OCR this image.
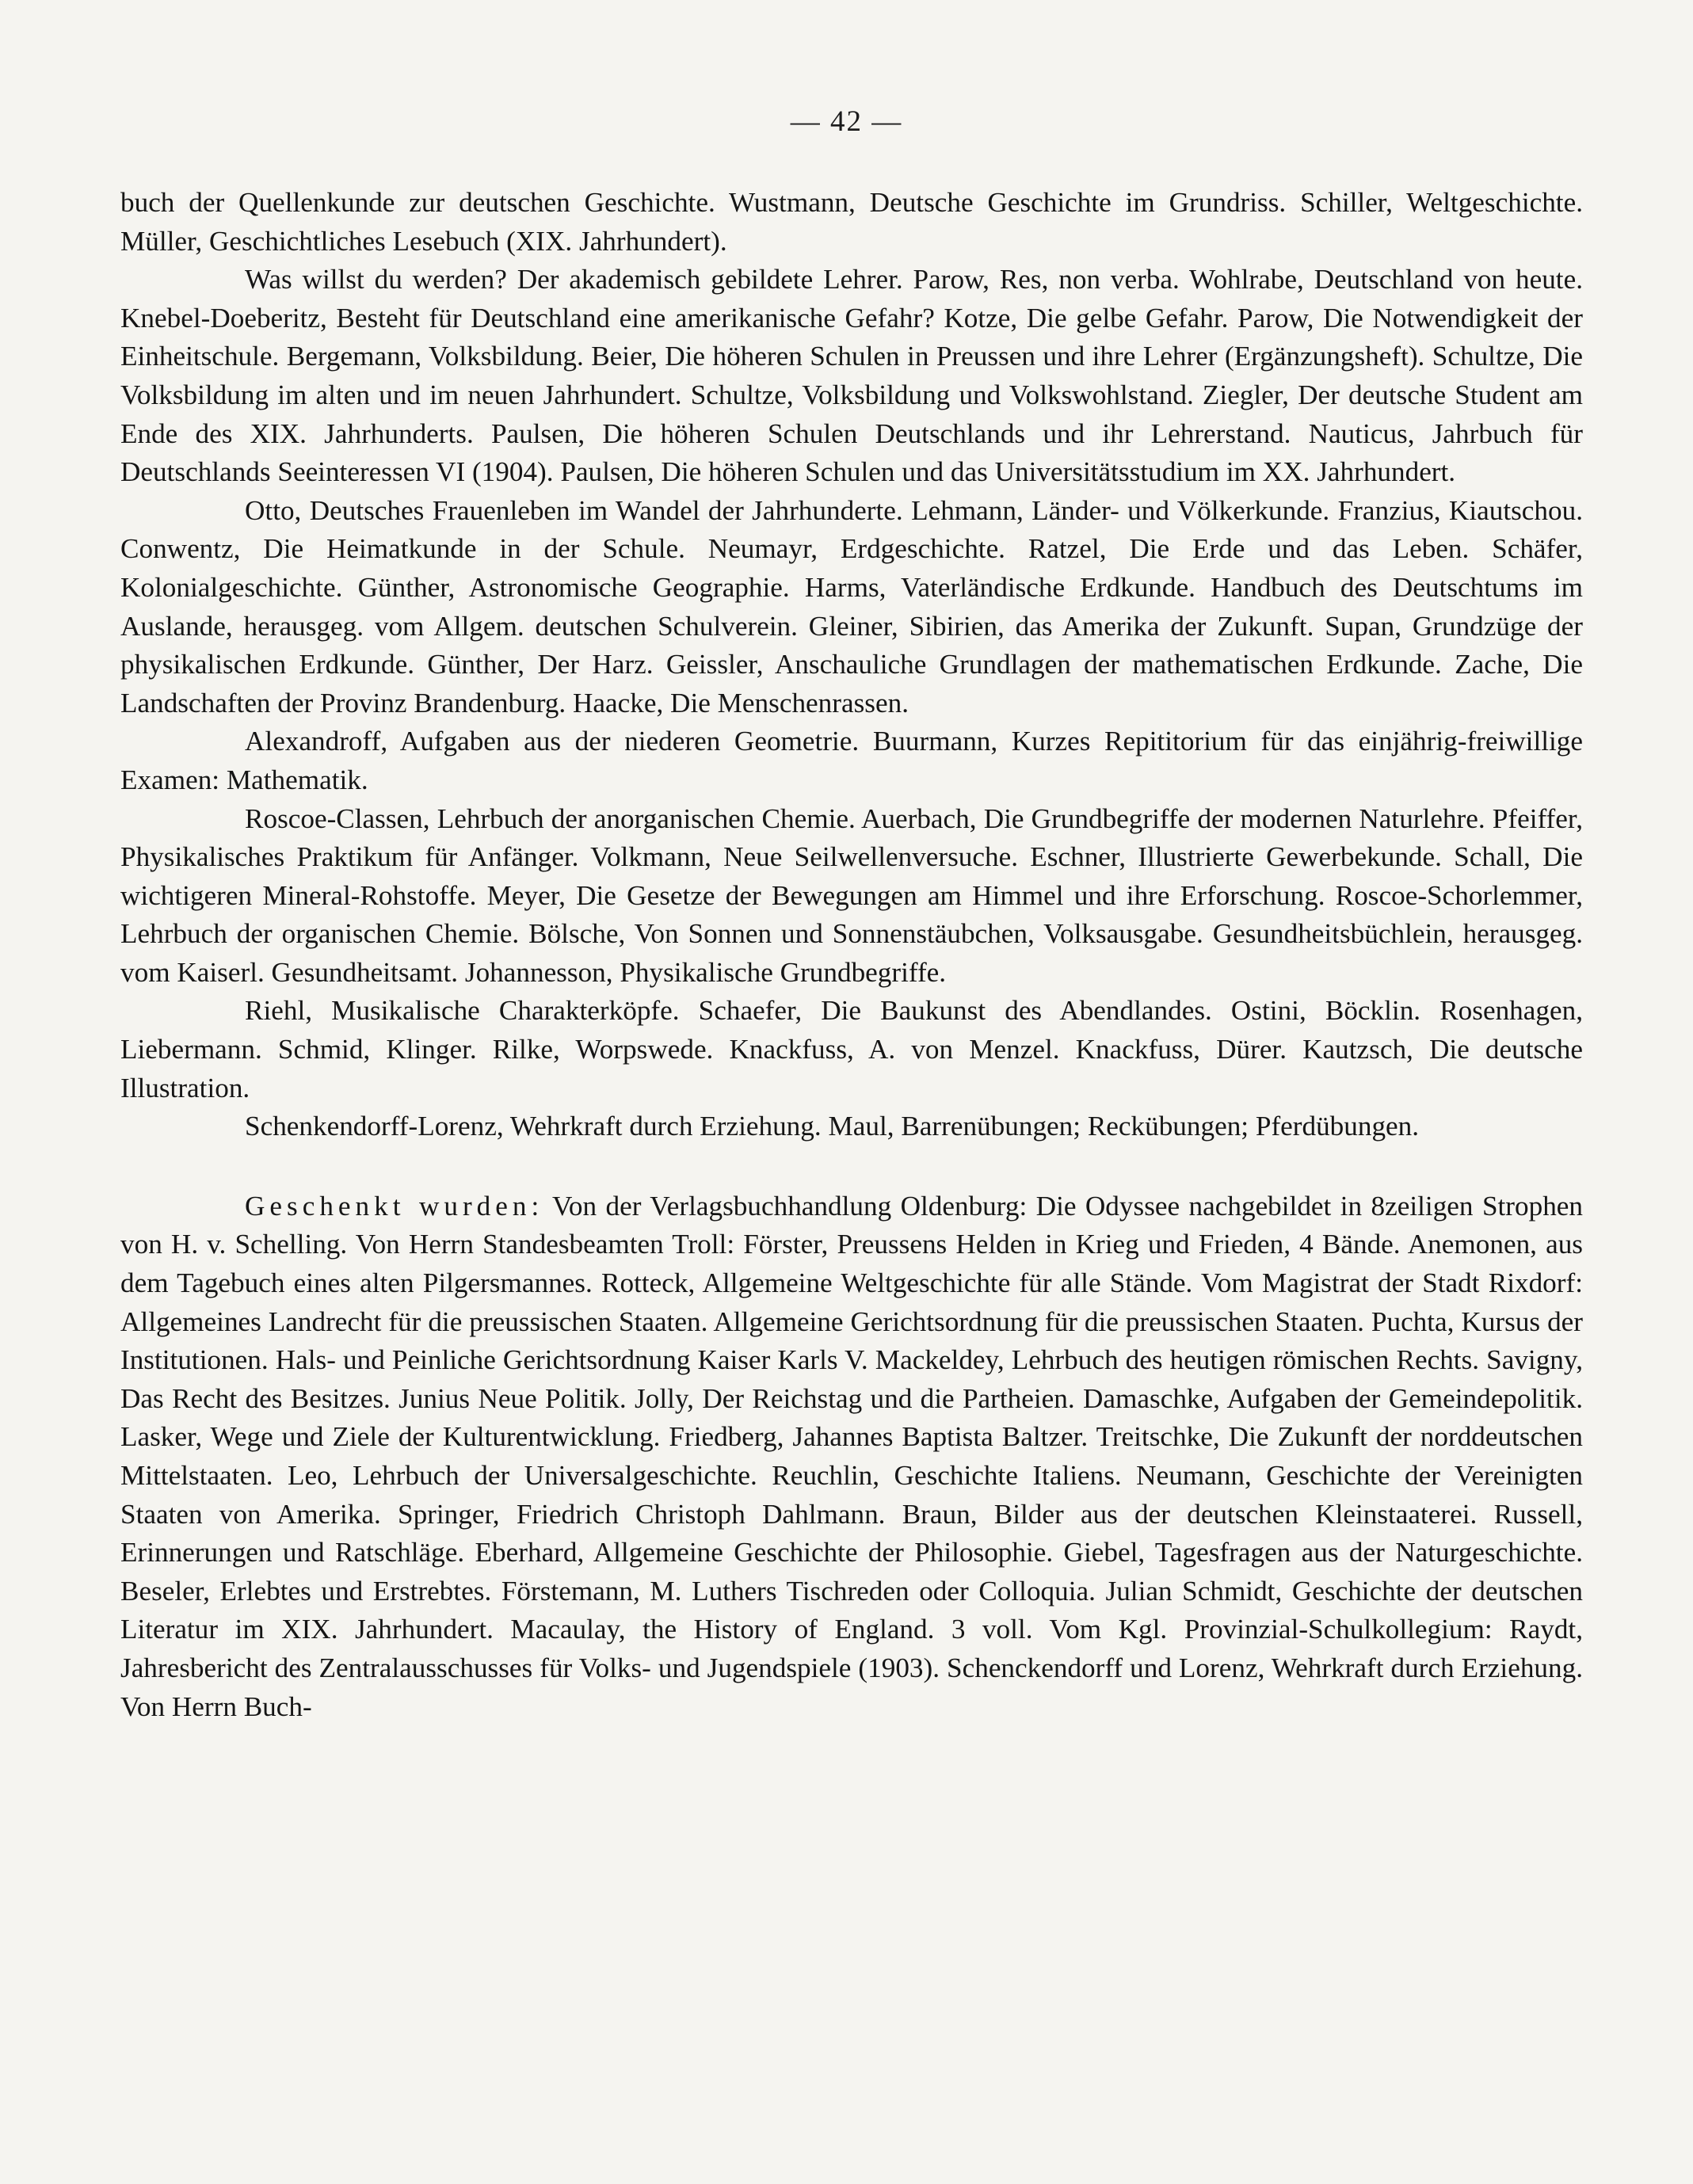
— 42 —

buch der Quellenkunde zur deutschen Geschichte. Wustmann, Deutsche Geschichte im Grundriss. Schiller, Weltgeschichte. Müller, Geschichtliches Lesebuch (XIX. Jahrhundert).

Was willst du werden? Der akademisch gebildete Lehrer. Parow, Res, non verba. Wohlrabe, Deutschland von heute. Knebel-Doeberitz, Besteht für Deutschland eine amerikanische Gefahr? Kotze, Die gelbe Gefahr. Parow, Die Notwendigkeit der Einheitschule. Bergemann, Volksbildung. Beier, Die höheren Schulen in Preussen und ihre Lehrer (Ergänzungsheft). Schultze, Die Volksbildung im alten und im neuen Jahrhundert. Schultze, Volksbildung und Volkswohlstand. Ziegler, Der deutsche Student am Ende des XIX. Jahrhunderts. Paulsen, Die höheren Schulen Deutschlands und ihr Lehrerstand. Nauticus, Jahrbuch für Deutschlands Seeinteressen VI (1904). Paulsen, Die höheren Schulen und das Universitätsstudium im XX. Jahrhundert.

Otto, Deutsches Frauenleben im Wandel der Jahrhunderte. Lehmann, Länder- und Völkerkunde. Franzius, Kiautschou. Conwentz, Die Heimatkunde in der Schule. Neumayr, Erdgeschichte. Ratzel, Die Erde und das Leben. Schäfer, Kolonialgeschichte. Günther, Astronomische Geographie. Harms, Vaterländische Erdkunde. Handbuch des Deutschtums im Auslande, herausgeg. vom Allgem. deutschen Schulverein. Gleiner, Sibirien, das Amerika der Zukunft. Supan, Grundzüge der physikalischen Erdkunde. Günther, Der Harz. Geissler, Anschauliche Grundlagen der mathematischen Erdkunde. Zache, Die Landschaften der Provinz Brandenburg. Haacke, Die Menschenrassen.

Alexandroff, Aufgaben aus der niederen Geometrie. Buurmann, Kurzes Repititorium für das einjährig-freiwillige Examen: Mathematik.

Roscoe-Classen, Lehrbuch der anorganischen Chemie. Auerbach, Die Grundbegriffe der modernen Naturlehre. Pfeiffer, Physikalisches Praktikum für Anfänger. Volkmann, Neue Seilwellenversuche. Eschner, Illustrierte Gewerbekunde. Schall, Die wichtigeren Mineral-Rohstoffe. Meyer, Die Gesetze der Bewegungen am Himmel und ihre Erforschung. Roscoe-Schorlemmer, Lehrbuch der organischen Chemie. Bölsche, Von Sonnen und Sonnenstäubchen, Volksausgabe. Gesundheitsbüchlein, herausgeg. vom Kaiserl. Gesundheitsamt. Johannesson, Physikalische Grundbegriffe.

Riehl, Musikalische Charakterköpfe. Schaefer, Die Baukunst des Abendlandes. Ostini, Böcklin. Rosenhagen, Liebermann. Schmid, Klinger. Rilke, Worpswede. Knackfuss, A. von Menzel. Knackfuss, Dürer. Kautzsch, Die deutsche Illustration.

Schenkendorff-Lorenz, Wehrkraft durch Erziehung. Maul, Barrenübungen; Reckübungen; Pferdübungen.

Geschenkt wurden: Von der Verlagsbuchhandlung Oldenburg: Die Odyssee nachgebildet in 8zeiligen Strophen von H. v. Schelling. Von Herrn Standesbeamten Troll: Förster, Preussens Helden in Krieg und Frieden, 4 Bände. Anemonen, aus dem Tagebuch eines alten Pilgersmannes. Rotteck, Allgemeine Weltgeschichte für alle Stände. Vom Magistrat der Stadt Rixdorf: Allgemeines Landrecht für die preussischen Staaten. Allgemeine Gerichtsordnung für die preussischen Staaten. Puchta, Kursus der Institutionen. Hals- und Peinliche Gerichtsordnung Kaiser Karls V. Mackeldey, Lehrbuch des heutigen römischen Rechts. Savigny, Das Recht des Besitzes. Junius Neue Politik. Jolly, Der Reichstag und die Partheien. Damaschke, Aufgaben der Gemeindepolitik. Lasker, Wege und Ziele der Kulturentwicklung. Friedberg, Jahannes Baptista Baltzer. Treitschke, Die Zukunft der norddeutschen Mittelstaaten. Leo, Lehrbuch der Universalgeschichte. Reuchlin, Geschichte Italiens. Neumann, Geschichte der Vereinigten Staaten von Amerika. Springer, Friedrich Christoph Dahlmann. Braun, Bilder aus der deutschen Kleinstaaterei. Russell, Erinnerungen und Ratschläge. Eberhard, Allgemeine Geschichte der Philosophie. Giebel, Tagesfragen aus der Naturgeschichte. Beseler, Erlebtes und Erstrebtes. Förstemann, M. Luthers Tischreden oder Colloquia. Julian Schmidt, Geschichte der deutschen Literatur im XIX. Jahrhundert. Macaulay, the History of England. 3 voll. Vom Kgl. Provinzial-Schulkollegium: Raydt, Jahresbericht des Zentralausschusses für Volks- und Jugendspiele (1903). Schenckendorff und Lorenz, Wehrkraft durch Erziehung. Von Herrn Buch-
